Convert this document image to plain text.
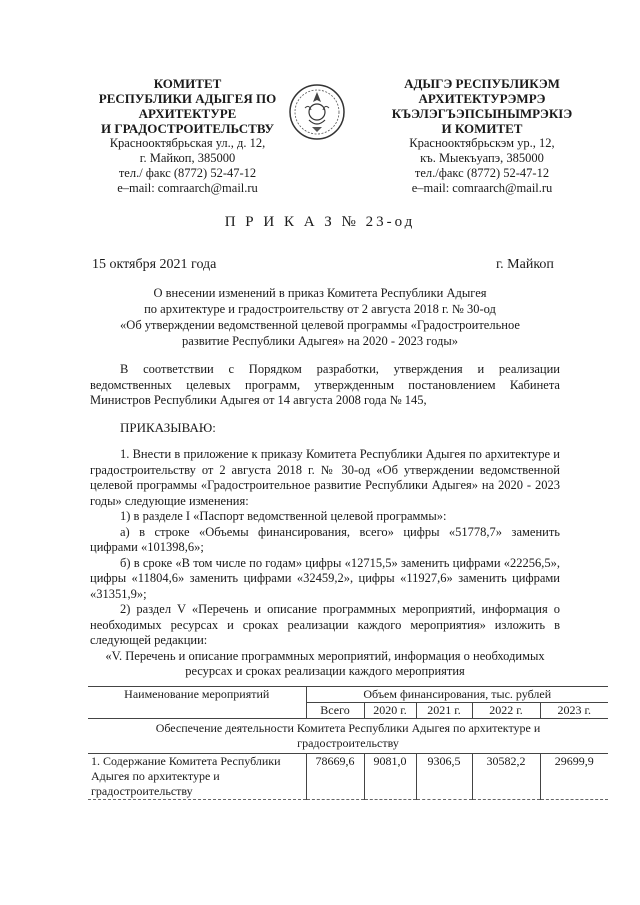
КОМИТЕТ
РЕСПУБЛИКИ АДЫГЕЯ ПО
АРХИТЕКТУРЕ
И ГРАДОСТРОИТЕЛЬСТВУ
Краснооктябрьская ул., д. 12,
г. Майкоп, 385000
тел./ факс (8772) 52-47-12
e–mail: comraarch@mail.ru
АДЫГЭ РЕСПУБЛИКЭМ
АРХИТЕКТУРЭМРЭ
КЪЭЛЭГЪЭПСЫНЫМРЭКIЭ
И КОМИТЕТ
Краснооктябрьскэм ур., 12,
къ. Мыекъуапэ, 385000
тел./факс (8772) 52-47-12
e–mail: comraarch@mail.ru
П Р И К А З № 23-од
15 октября 2021 года	г. Майкоп
О внесении изменений в приказ Комитета Республики Адыгея
по архитектуре и градостроительству от 2 августа 2018 г. № 30-од
«Об утверждении ведомственной целевой программы «Градостроительное
развитие Республики Адыгея» на 2020 - 2023 годы»
В соответствии с Порядком разработки, утверждения и реализации ведомственных целевых программ, утвержденным постановлением Кабинета Министров Республики Адыгея от 14 августа 2008 года № 145,
ПРИКАЗЫВАЮ:
1. Внести в приложение к приказу Комитета Республики Адыгея по архитектуре и градостроительству от 2 августа 2018 г. № 30-од «Об утверждении ведомственной целевой программы «Градостроительное развитие Республики Адыгея» на 2020 - 2023 годы» следующие изменения:
1) в разделе I «Паспорт ведомственной целевой программы»:
а) в строке «Объемы финансирования, всего» цифры «51778,7» заменить цифрами «101398,6»;
б) в сроке «В том числе по годам» цифры «12715,5» заменить цифрами «22256,5», цифры «11804,6» заменить цифрами «32459,2», цифры «11927,6» заменить цифрами «31351,9»;
2) раздел V «Перечень и описание программных мероприятий, информация о необходимых ресурсах и сроках реализации каждого мероприятия» изложить в следующей редакции:
«V. Перечень и описание программных мероприятий, информация о необходимых
ресурсах и сроках реализации каждого мероприятия
Наименование мероприятий	Объем финансирования, тыс. рублей				
	Всего	2020 г.	2021 г.	2022 г.	2023 г.
Обеспечение деятельности Комитета Республики Адыгея по архитектуре и градостроительству					
1. Содержание Комитета Республики Адыгея по архитектуре и градостроительству	78669,6	9081,0	9306,5	30582,2	29699,9
